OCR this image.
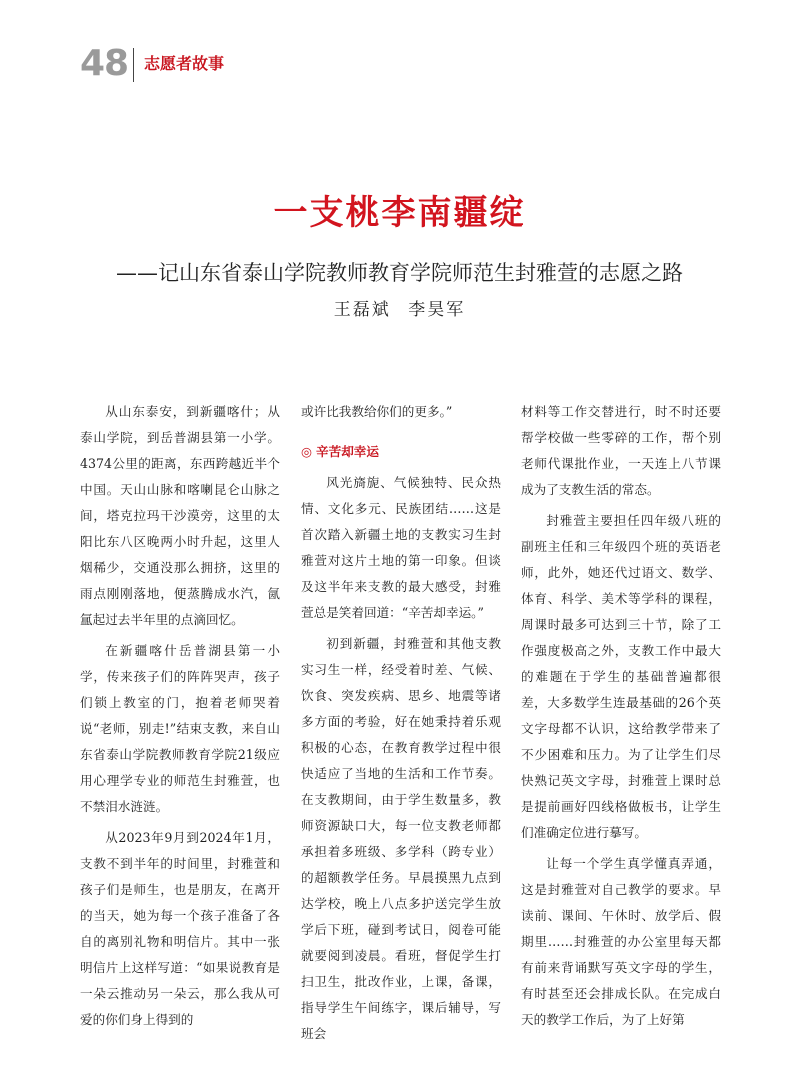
48 志愿者故事
一支桃李南疆绽
——记山东省泰山学院教师教育学院师范生封雅萱的志愿之路
王磊斌 李昊军

从山东泰安，到新疆喀什；从泰山学院，到岳普湖县第一小学。4374公里的距离，东西跨越近半个中国。天山山脉和喀喇昆仑山脉之间，塔克拉玛干沙漠旁，这里的太阳比东八区晚两小时升起，这里人烟稀少，交通没那么拥挤，这里的雨点刚刚落地，便蒸腾成水汽，氤氲起过去半年里的点滴回忆。

在新疆喀什岳普湖县第一小学，传来孩子们的阵阵哭声，孩子们锁上教室的门，抱着老师哭着说“老师，别走!”结束支教，来自山东省泰山学院教师教育学院21级应用心理学专业的师范生封雅萱，也不禁泪水涟涟。

从2023年9月到2024年1月，支教不到半年的时间里，封雅萱和孩子们是师生，也是朋友，在离开的当天，她为每一个孩子准备了各自的离别礼物和明信片。其中一张明信片上这样写道：“如果说教育是一朵云推动另一朵云，那么我从可爱的你们身上得到的

或许比我教给你们的更多。”

◎ 辛苦却幸运

风光旖旎、气候独特、民众热情、文化多元、民族团结……这是首次踏入新疆土地的支教实习生封雅萱对这片土地的第一印象。但谈及这半年来支教的最大感受，封雅萱总是笑着回道：“辛苦却幸运。”

初到新疆，封雅萱和其他支教实习生一样，经受着时差、气候、饮食、突发疾病、思乡、地震等诸多方面的考验，好在她秉持着乐观积极的心态，在教育教学过程中很快适应了当地的生活和工作节奏。在支教期间，由于学生数量多，教师资源缺口大，每一位支教老师都承担着多班级、多学科（跨专业）的超额教学任务。早晨摸黑九点到达学校，晚上八点多护送完学生放学后下班，碰到考试日，阅卷可能就要阅到凌晨。看班，督促学生打扫卫生，批改作业，上课，备课，指导学生午间练字，课后辅导，写班会

材料等工作交替进行，时不时还要帮学校做一些零碎的工作，帮个别老师代课批作业，一天连上八节课成为了支教生活的常态。

封雅萱主要担任四年级八班的副班主任和三年级四个班的英语老师，此外，她还代过语文、数学、体育、科学、美术等学科的课程，周课时最多可达到三十节，除了工作强度极高之外，支教工作中最大的难题在于学生的基础普遍都很差，大多数学生连最基础的26个英文字母都不认识，这给教学带来了不少困难和压力。为了让学生们尽快熟记英文字母，封雅萱上课时总是提前画好四线格做板书，让学生们准确定位进行摹写。

让每一个学生真学懂真弄通，这是封雅萱对自己教学的要求。早读前、课间、午休时、放学后、假期里……封雅萱的办公室里每天都有前来背诵默写英文字母的学生，有时甚至还会排成长队。在完成白天的教学工作后，为了上好第
